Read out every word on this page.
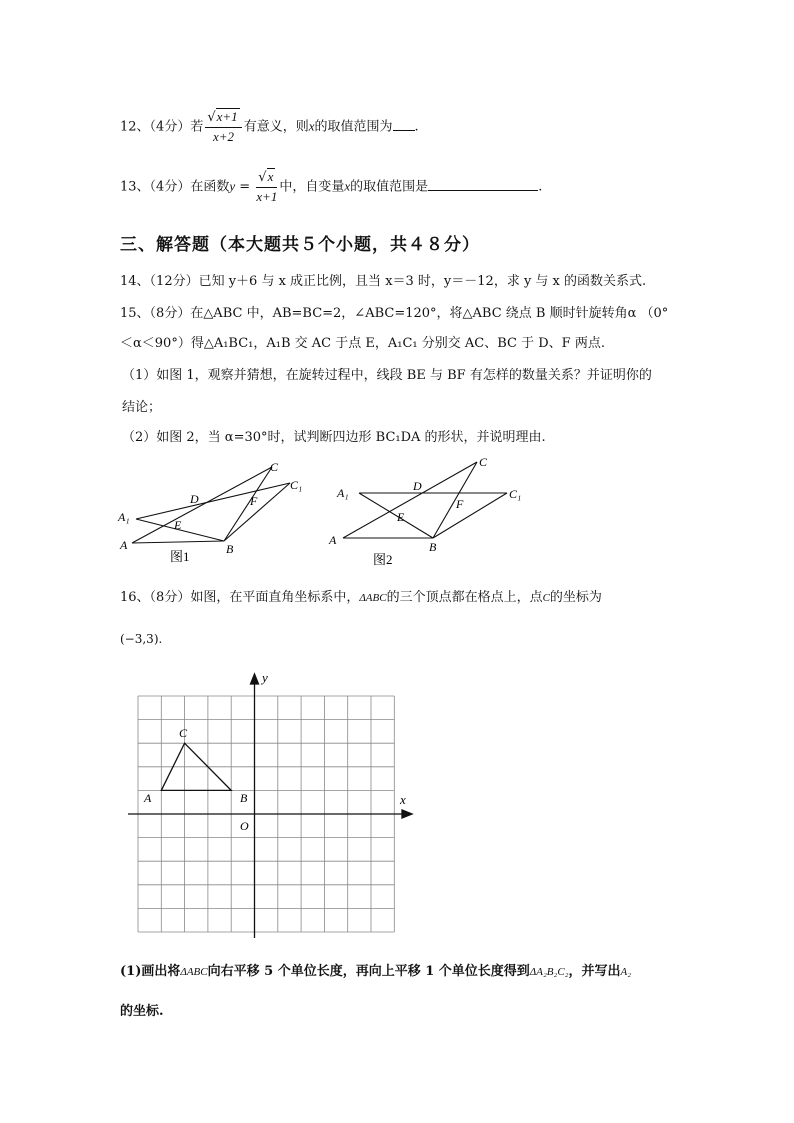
12、（4分）若 $\frac{√x+1}{x+2}$ 有意义，则x的取值范围为 .
13、（4分）在函数$y = \frac{√x}{x+1}$ 中，自变量x的取值范围是	.
三、解答题（本大题共５个小题，共４８分）
14、（12分）已知 y＋6 与 x 成正比例，且当 x＝3 时，y＝－12，求 y 与 x 的函数关系式.
15、（8分）在△ABC 中，AB=BC=2，∠ABC=120°，将△ABC 绕点 B 顺时针旋转角α （0°
＜α＜90°）得△A₁BC₁，A₁B 交 AC 于点 E，A₁C₁ 分别交 AC、BC 于 D、F 两点.
（1）如图 1，观察并猜想，在旋转过程中，线段 BE 与 BF 有怎样的数量关系？并证明你的
结论；
（2）如图 2，当 α=30°时，试判断四边形 BC₁DA 的形状，并说明理由.
A	B
C
C₁
A₁
D
E
F
图1
A	B
C
C₁
A₁	D
E
F
图2
16、（8分）如图，在平面直角坐标系中，ΔABC的三个顶点都在格点上，点C的坐标为
(−3,3).
A	B
C
x
y
O
(1)画出将ΔABC向右平移 5 个单位长度，再向上平移 1 个单位长度得到ΔA₂B₂C₂，并写出A₂
的坐标.
